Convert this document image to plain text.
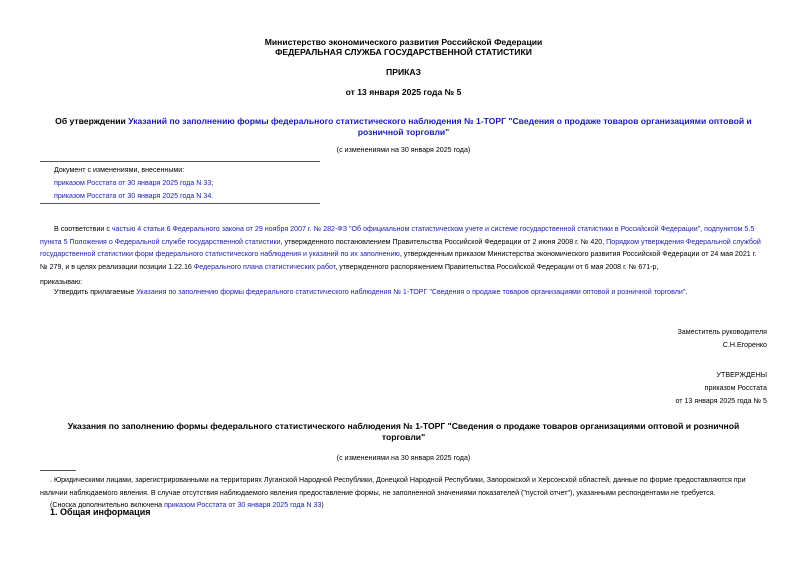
Министерство экономического развития Российской Федерации
ФЕДЕРАЛЬНАЯ СЛУЖБА ГОСУДАРСТВЕННОЙ СТАТИСТИКИ
ПРИКАЗ
от 13 января 2025 года № 5
Об утверждении Указаний по заполнению формы федерального статистического наблюдения № 1-ТОРГ "Сведения о продаже товаров организациями оптовой и
розничной торговли"
(с изменениями на 30 января 2025 года)
Документ с изменениями, внесенными:
приказом Росстата от 30 января 2025 года N 33;
приказом Росстата от 30 января 2025 года N 34.
В соответствии с частью 4 статьи 6 Федерального закона от 29 ноября 2007 г. № 282-ФЗ "Об официальном статистическом учете и системе государственной статистики в Российской Федерации", подпунктом 5.5
пункта 5 Положения о Федеральной службе государственной статистики, утвержденного постановлением Правительства Российской Федерации от 2 июня 2008 г. № 420, Порядком утверждения Федеральной службой
государственной статистики форм федерального статистического наблюдения и указаний по их заполнению, утвержденным приказом Министерства экономического развития Российской Федерации от 24 мая 2021 г.
№ 279, и в целях реализации позиции 1.22.16 Федерального плана статистических работ, утвержденного распоряжением Правительства Российской Федерации от 6 мая 2008 г. № 671-р,
приказываю:
Утвердить прилагаемые Указания по заполнению формы федерального статистического наблюдения № 1-ТОРГ "Сведения о продаже товаров организациями оптовой и розничной торговли".
Заместитель руководителя
С.Н.Егоренко
УТВЕРЖДЕНЫ
приказом Росстата
от 13 января 2025 года № 5
Указания по заполнению формы федерального статистического наблюдения № 1-ТОРГ "Сведения о продаже товаров организациями оптовой и розничной
торговли"
(с изменениями на 30 января 2025 года)
. Юридическими лицами, зарегистрированными на территориях Луганской Народной Республики, Донецкой Народной Республики, Запорожской и Херсонской областей, данные по форме предоставляются при
наличии наблюдаемого явления. В случае отсутствия наблюдаемого явления предоставление формы, не заполненной значениями показателей ("пустой отчет"), указанными респондентами не требуется.
(Сноска дополнительно включена приказом Росстата от 30 января 2025 года N 33)
1. Общая информация
